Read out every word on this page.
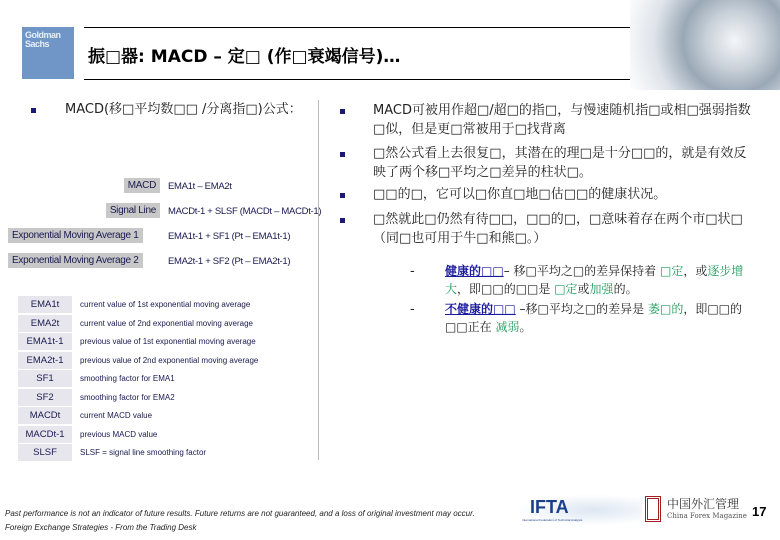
Goldman
Sachs
振□器: MACD – 定□ (作□衰竭信号)…
MACD(移□平均数□□ /分离指□)公式：
MACD	EMA1t – EMA2t
Signal Line	MACDt-1 + SLSF (MACDt – MACDt-1)
Exponential Moving Average 1	EMA1t-1 + SF1 (Pt – EMA1t-1)
Exponential Moving Average 2	EMA2t-1 + SF2 (Pt – EMA2t-1)
EMA1t	current value of 1st exponential moving average
EMA2t	current value of 2nd exponential moving average
EMA1t-1	previous value of 1st exponential moving average
EMA2t-1	previous value of 2nd exponential moving average
SF1	smoothing factor for EMA1
SF2	smoothing factor for EMA2
MACDt	current MACD value
MACDt-1	previous MACD value
SLSF	SLSF = signal line smoothing factor
MACD可被用作超□/超□的指□，与慢速随机指□或相□强弱指数□似，但是更□常被用于□找背离
□然公式看上去很复□，其潜在的理□是十分□□的，就是有效反映了两个移□平均之□差异的柱状□。
□□的□，它可以□你直□地□估□□的健康状况。
□然就此□仍然有待□□，□□的□，□意味着存在两个市□状□（同□也可用于牛□和熊□。）
-	健康的□□– 移□平均之□的差异保持着 □定，或逐步增大，即□□的□□是 □定或加强的。
-	不健康的□□ –移□平均之□的差异是 萎□的，即□□的□□正在 减弱。
Past performance is not an indicator of future results. Future returns are not guaranteed, and a loss of original investment may occur.
Foreign Exchange Strategies - From the Trading Desk
IFTA
International Federation of Technical Analysts
中国外汇管理
China Forex Magazine 17
